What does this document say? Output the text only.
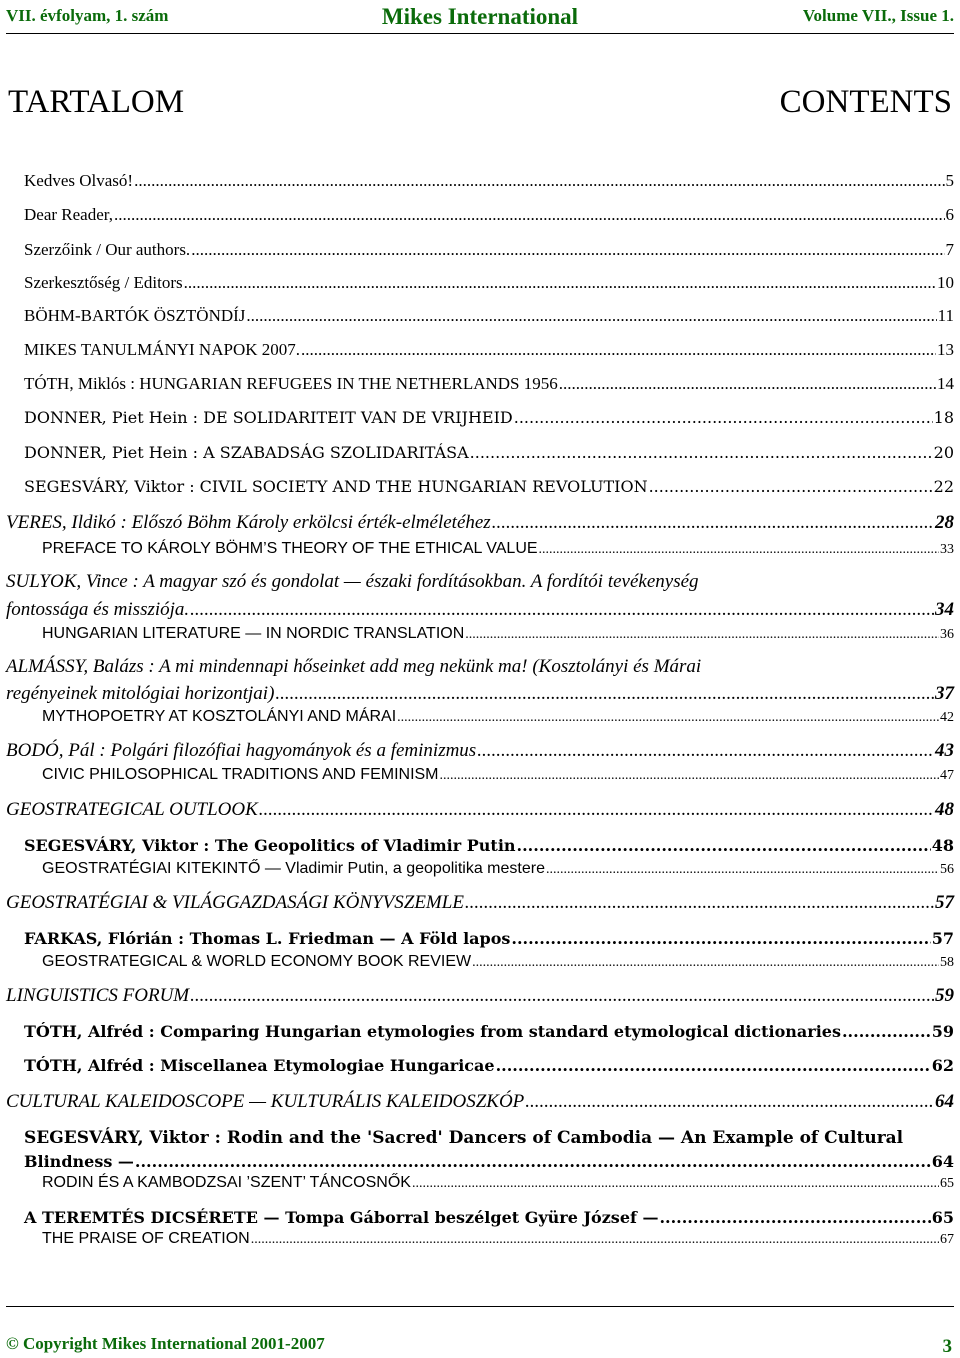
VII. évfolyam, 1. szám	Mikes International	Volume VII., Issue 1.
TARTALOM	CONTENTS
Kedves Olvasó! .....	5
Dear Reader, .....	6
Szerzőink / Our authors. .....	7
Szerkesztőség / Editors .....	10
BÖHM-BARTÓK ÖSZTÖNDÍJ .....	11
MIKES TANULMÁNYI NAPOK 2007. .....	13
TÓTH, Miklós : HUNGARIAN REFUGEES IN THE NETHERLANDS 1956 .....	14
DONNER, Piet Hein : DE SOLIDARITEIT VAN DE VRIJHEID .....	18
DONNER, Piet Hein : A SZABADSÁG SZOLIDARITÁSA .....	20
SEGESVÁRY, Viktor : CIVIL SOCIETY AND THE HUNGARIAN REVOLUTION .....	22
VERES, Ildikó : Előszó Böhm Károly erkölcsi érték-elméletéhez .....	28
PREFACE TO KÁROLY BÖHM’S THEORY OF THE ETHICAL VALUE .....	33
SULYOK, Vince : A magyar szó és gondolat — északi fordításokban. A fordítói tevékenység
fontossága és missziója. .....	34
HUNGARIAN LITERATURE — IN NORDIC TRANSLATION .....	36
ALMÁSSY, Balázs : A mi mindennapi hőseinket add meg nekünk ma! (Kosztolányi és Márai
regényeinek mitológiai horizontjai) .....	37
MYTHOPOETRY AT KOSZTOLÁNYI AND MÁRAI .....	42
BODÓ, Pál : Polgári filozófiai hagyományok és a feminizmus .....	43
CIVIC PHILOSOPHICAL TRADITIONS AND FEMINISM .....	47
GEOSTRATEGICAL OUTLOOK .....	48
SEGESVÁRY, Viktor : The Geopolitics of Vladimir Putin .....	48
GEOSTRATÉGIAI KITEKINTŐ — Vladimir Putin, a geopolitika mestere .....	56
GEOSTRATÉGIAI & VILÁGGAZDASÁGI KÖNYVSZEMLE .....	57
FARKAS, Flórián : Thomas L. Friedman — A Föld lapos .....	57
GEOSTRATEGICAL & WORLD ECONOMY BOOK REVIEW .....	58
LINGUISTICS FORUM .....	59
TÓTH, Alfréd : Comparing Hungarian etymologies from standard etymological dictionaries .....	59
TÓTH, Alfréd : Miscellanea Etymologiae Hungaricae .....	62
CULTURAL KALEIDOSCOPE — KULTURÁLIS KALEIDOSZKÓP .....	64
SEGESVÁRY, Viktor : Rodin and the 'Sacred' Dancers of Cambodia — An Example of Cultural
Blindness — .....	64
RODIN ÉS A KAMBODZSAI ’SZENT’ TÁNCOSNŐK .....	65
A TEREMTÉS DICSÉRETE — Tompa Gáborral beszélget Gyüre József — .....	65
THE PRAISE OF CREATION .....	67
© Copyright Mikes International 2001-2007	3
